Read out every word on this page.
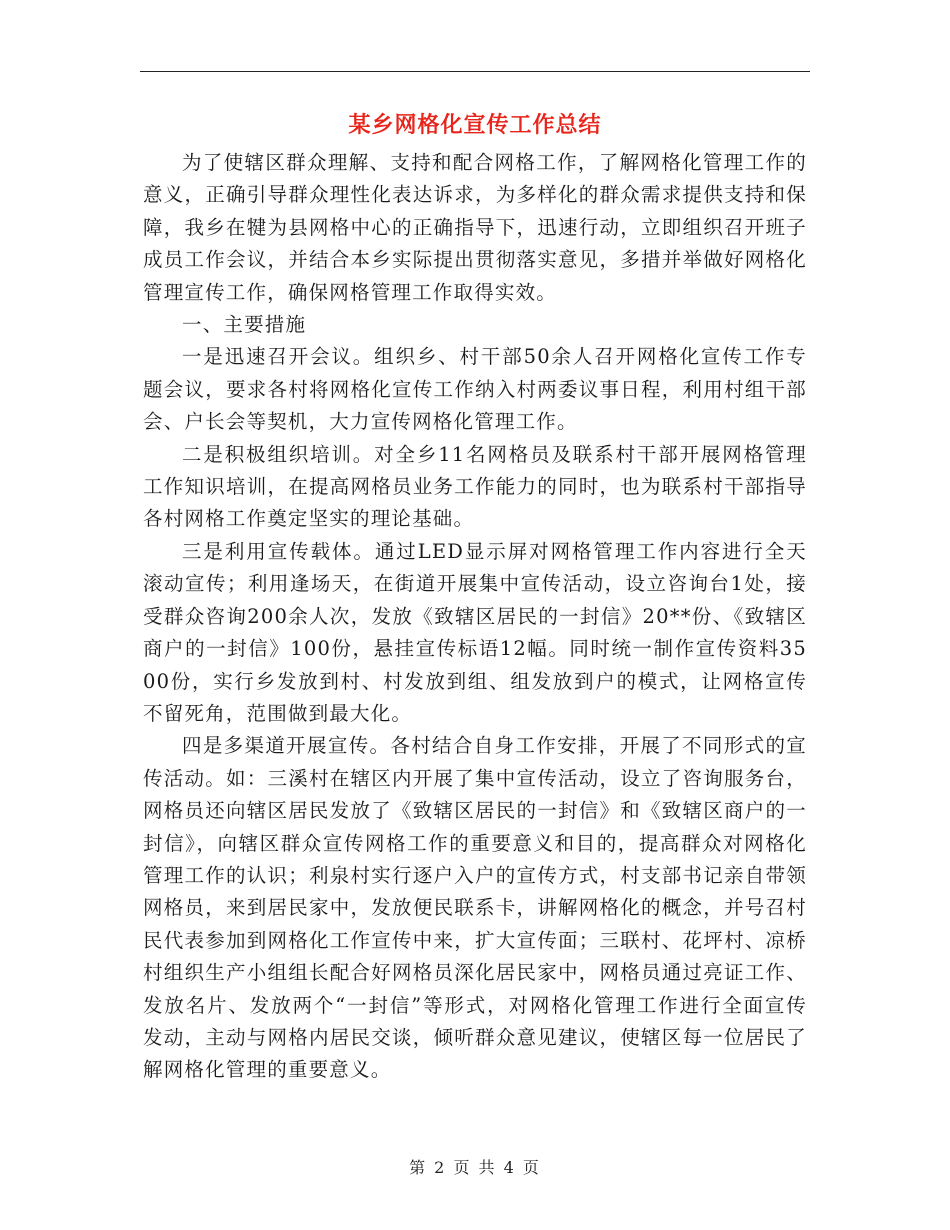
某乡网格化宣传工作总结

为了使辖区群众理解、支持和配合网格工作，了解网格化管理工作的意义，正确引导群众理性化表达诉求，为多样化的群众需求提供支持和保障，我乡在犍为县网格中心的正确指导下，迅速行动，立即组织召开班子成员工作会议，并结合本乡实际提出贯彻落实意见，多措并举做好网格化管理宣传工作，确保网格管理工作取得实效。

一、主要措施

一是迅速召开会议。组织乡、村干部50余人召开网格化宣传工作专题会议，要求各村将网格化宣传工作纳入村两委议事日程，利用村组干部会、户长会等契机，大力宣传网格化管理工作。

二是积极组织培训。对全乡11名网格员及联系村干部开展网格管理工作知识培训，在提高网格员业务工作能力的同时，也为联系村干部指导各村网格工作奠定坚实的理论基础。

三是利用宣传载体。通过LED显示屏对网格管理工作内容进行全天滚动宣传；利用逢场天，在街道开展集中宣传活动，设立咨询台1处，接受群众咨询200余人次，发放《致辖区居民的一封信》20**份、《致辖区商户的一封信》100份，悬挂宣传标语12幅。同时统一制作宣传资料3500份，实行乡发放到村、村发放到组、组发放到户的模式，让网格宣传不留死角，范围做到最大化。

四是多渠道开展宣传。各村结合自身工作安排，开展了不同形式的宣传活动。如：三溪村在辖区内开展了集中宣传活动，设立了咨询服务台，网格员还向辖区居民发放了《致辖区居民的一封信》和《致辖区商户的一封信》，向辖区群众宣传网格工作的重要意义和目的，提高群众对网格化管理工作的认识；利泉村实行逐户入户的宣传方式，村支部书记亲自带领网格员，来到居民家中，发放便民联系卡，讲解网格化的概念，并号召村民代表参加到网格化工作宣传中来，扩大宣传面；三联村、花坪村、凉桥村组织生产小组组长配合好网格员深化居民家中，网格员通过亮证工作、发放名片、发放两个“一封信”等形式，对网格化管理工作进行全面宣传发动，主动与网格内居民交谈，倾听群众意见建议，使辖区每一位居民了解网格化管理的重要意义。

第 2 页 共 4 页
